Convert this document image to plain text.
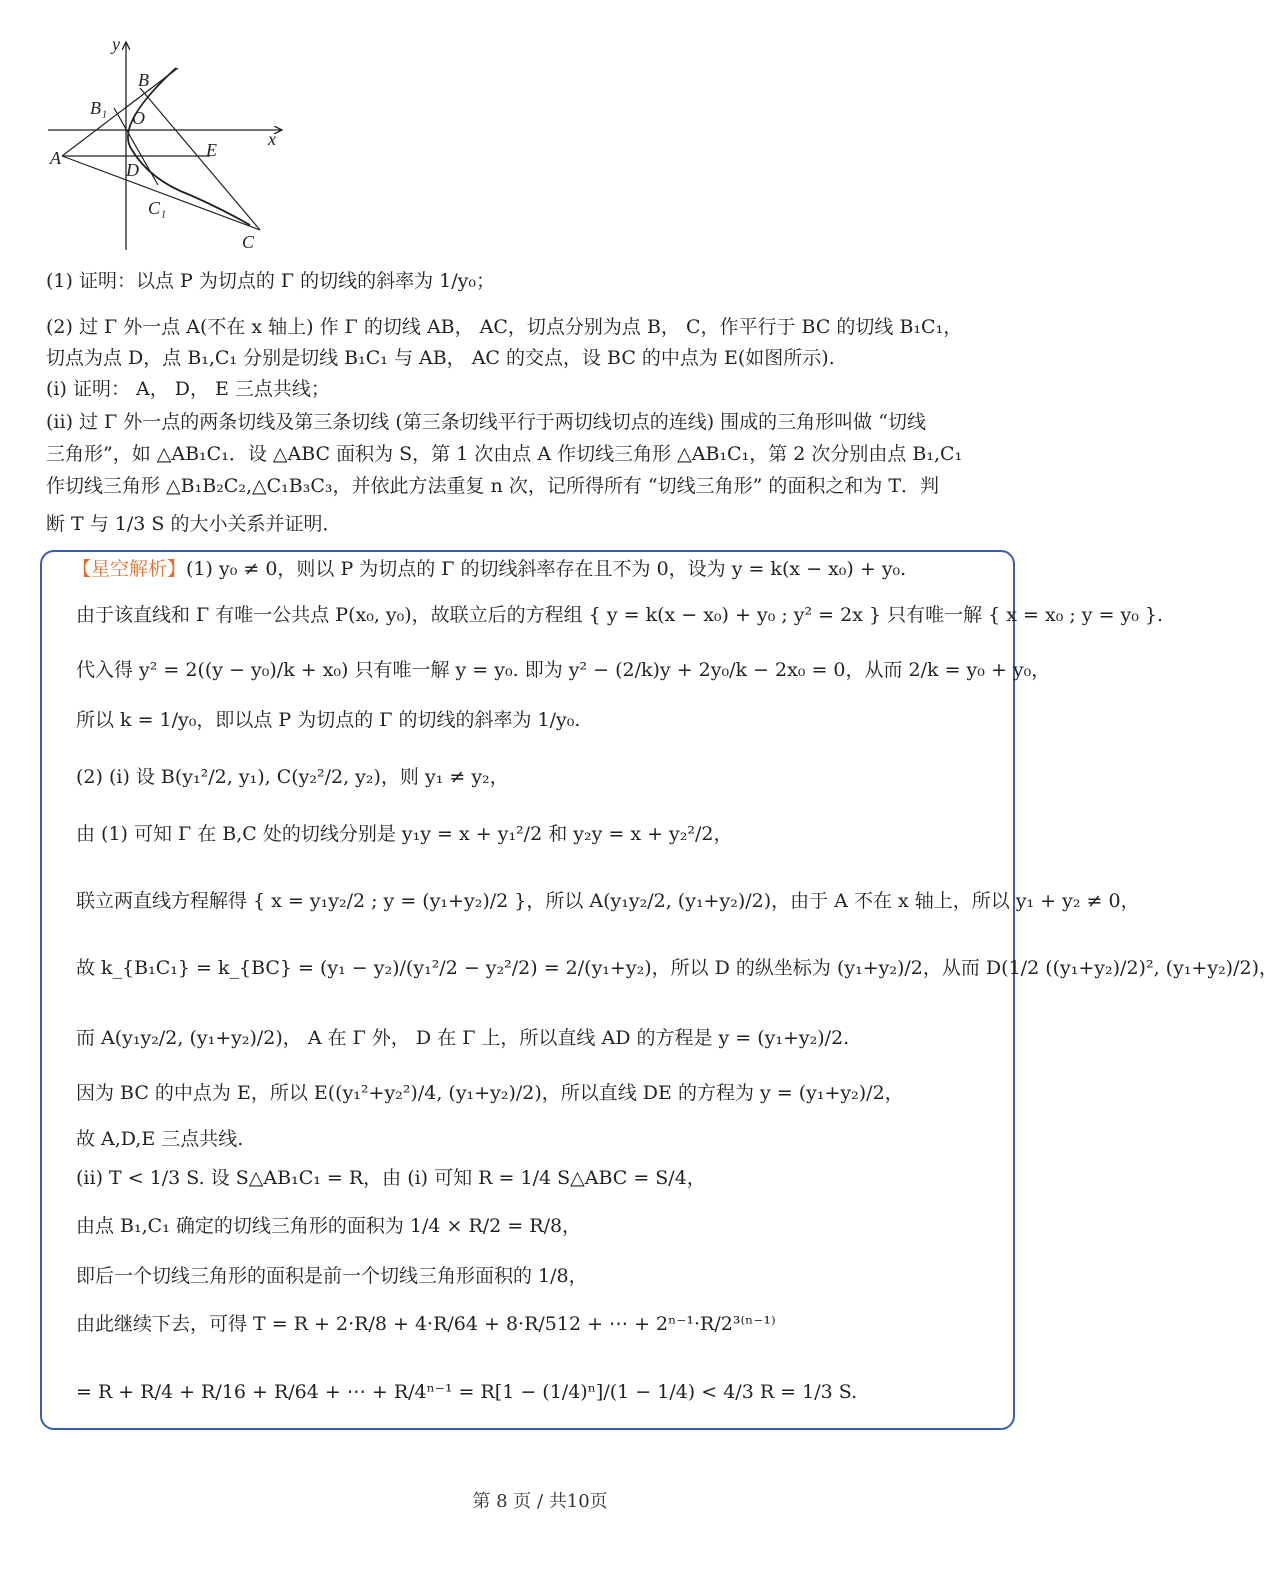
y
x
B
B₁ O
A	E
D
C₁
C
(1) 证明：以点 P 为切点的 Γ 的切线的斜率为 1/y₀；
(2) 过 Γ 外一点 A(不在 x 轴上) 作 Γ 的切线 AB， AC，切点分别为点 B， C，作平行于 BC 的切线 B₁C₁，
切点为点 D，点 B₁,C₁ 分别是切线 B₁C₁ 与 AB， AC 的交点，设 BC 的中点为 E(如图所示).
(i) 证明： A， D， E 三点共线；
(ii) 过 Γ 外一点的两条切线及第三条切线 (第三条切线平行于两切线切点的连线) 围成的三角形叫做 “切线
三角形”，如 △AB₁C₁．设 △ABC 面积为 S，第 1 次由点 A 作切线三角形 △AB₁C₁，第 2 次分别由点 B₁,C₁
作切线三角形 △B₁B₂C₂,△C₁B₃C₃，并依此方法重复 n 次，记所得所有 “切线三角形” 的面积之和为 T．判
断 T 与 1/3 S 的大小关系并证明．
【星空解析】(1) y₀ ≠ 0，则以 P 为切点的 Γ 的切线斜率存在且不为 0，设为 y = k(x − x₀) + y₀.
由于该直线和 Γ 有唯一公共点 P(x₀, y₀)，故联立后的方程组 { y = k(x − x₀) + y₀ ; y² = 2x } 只有唯一解 { x = x₀ ; y = y₀ }.
代入得 y² = 2((y − y₀)/k + x₀) 只有唯一解 y = y₀. 即为 y² − (2/k)y + 2y₀/k − 2x₀ = 0，从而 2/k = y₀ + y₀，
所以 k = 1/y₀，即以点 P 为切点的 Γ 的切线的斜率为 1/y₀.
(2) (i) 设 B(y₁²/2, y₁), C(y₂²/2, y₂)，则 y₁ ≠ y₂，
由 (1) 可知 Γ 在 B,C 处的切线分别是 y₁y = x + y₁²/2 和 y₂y = x + y₂²/2，
联立两直线方程解得 { x = y₁y₂/2 ; y = (y₁+y₂)/2 }，所以 A(y₁y₂/2, (y₁+y₂)/2)，由于 A 不在 x 轴上，所以 y₁ + y₂ ≠ 0，
故 k_{B₁C₁} = k_{BC} = (y₁ − y₂)/(y₁²/2 − y₂²/2) = 2/(y₁+y₂)，所以 D 的纵坐标为 (y₁+y₂)/2，从而 D(1/2 ((y₁+y₂)/2)², (y₁+y₂)/2)，
而 A(y₁y₂/2, (y₁+y₂)/2)， A 在 Γ 外， D 在 Γ 上，所以直线 AD 的方程是 y = (y₁+y₂)/2.
因为 BC 的中点为 E，所以 E((y₁²+y₂²)/4, (y₁+y₂)/2)，所以直线 DE 的方程为 y = (y₁+y₂)/2，
故 A,D,E 三点共线.
(ii) T < 1/3 S. 设 S△AB₁C₁ = R，由 (i) 可知 R = 1/4 S△ABC = S/4，
由点 B₁,C₁ 确定的切线三角形的面积为 1/4 × R/2 = R/8，
即后一个切线三角形的面积是前一个切线三角形面积的 1/8，
由此继续下去，可得 T = R + 2·R/8 + 4·R/64 + 8·R/512 + ⋯ + 2ⁿ⁻¹·R/2³⁽ⁿ⁻¹⁾
= R + R/4 + R/16 + R/64 + ⋯ + R/4ⁿ⁻¹ = R[1 − (1/4)ⁿ]/(1 − 1/4) < 4/3 R = 1/3 S.
第 8 页 / 共10页
